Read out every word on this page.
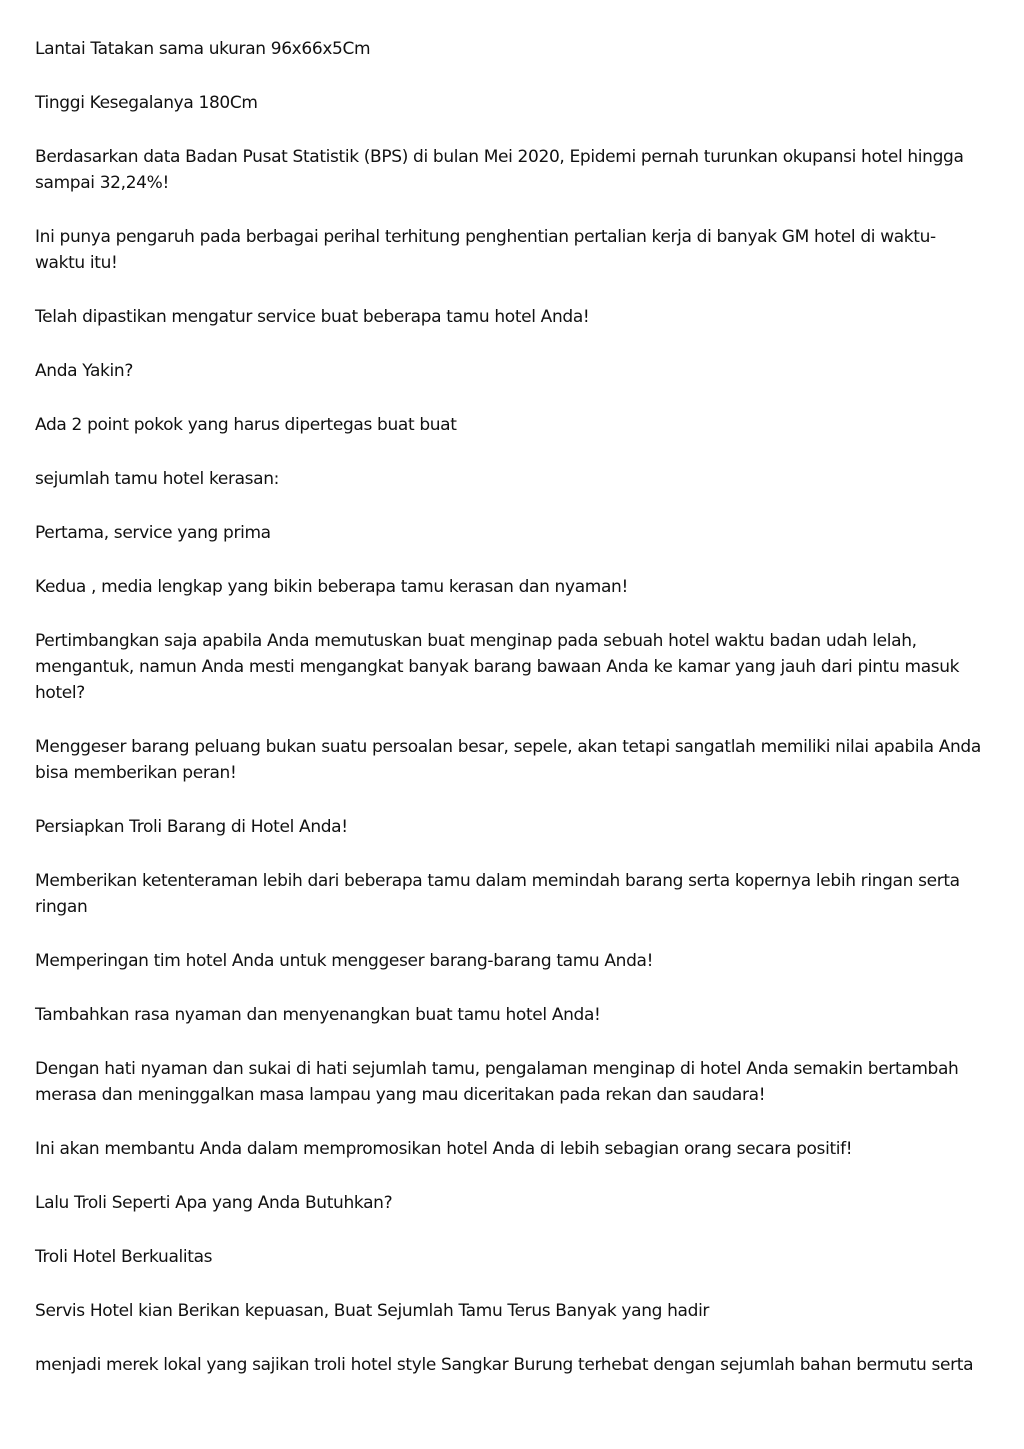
Lantai Tatakan sama ukuran 96x66x5Cm

Tinggi Kesegalanya 180Cm

Berdasarkan data Badan Pusat Statistik (BPS) di bulan Mei 2020, Epidemi pernah turunkan okupansi hotel hingga sampai 32,24%!

Ini punya pengaruh pada berbagai perihal terhitung penghentian pertalian kerja di banyak GM hotel di waktu-waktu itu!

Telah dipastikan mengatur service buat beberapa tamu hotel Anda!

Anda Yakin?

Ada 2 point pokok yang harus dipertegas buat buat

sejumlah tamu hotel kerasan:

Pertama, service yang prima

Kedua , media lengkap yang bikin beberapa tamu kerasan dan nyaman!

Pertimbangkan saja apabila Anda memutuskan buat menginap pada sebuah hotel waktu badan udah lelah, mengantuk, namun Anda mesti mengangkat banyak barang bawaan Anda ke kamar yang jauh dari pintu masuk hotel?

Menggeser barang peluang bukan suatu persoalan besar, sepele, akan tetapi sangatlah memiliki nilai apabila Anda bisa memberikan peran!

Persiapkan Troli Barang di Hotel Anda!

Memberikan ketenteraman lebih dari beberapa tamu dalam memindah barang serta kopernya lebih ringan serta ringan

Memperingan tim hotel Anda untuk menggeser barang-barang tamu Anda!

Tambahkan rasa nyaman dan menyenangkan buat tamu hotel Anda!

Dengan hati nyaman dan sukai di hati sejumlah tamu, pengalaman menginap di hotel Anda semakin bertambah merasa dan meninggalkan masa lampau yang mau diceritakan pada rekan dan saudara!

Ini akan membantu Anda dalam mempromosikan hotel Anda di lebih sebagian orang secara positif!

Lalu Troli Seperti Apa yang Anda Butuhkan?

Troli Hotel Berkualitas

Servis Hotel kian Berikan kepuasan, Buat Sejumlah Tamu Terus Banyak yang hadir

menjadi merek lokal yang sajikan troli hotel style Sangkar Burung terhebat dengan sejumlah bahan bermutu serta
